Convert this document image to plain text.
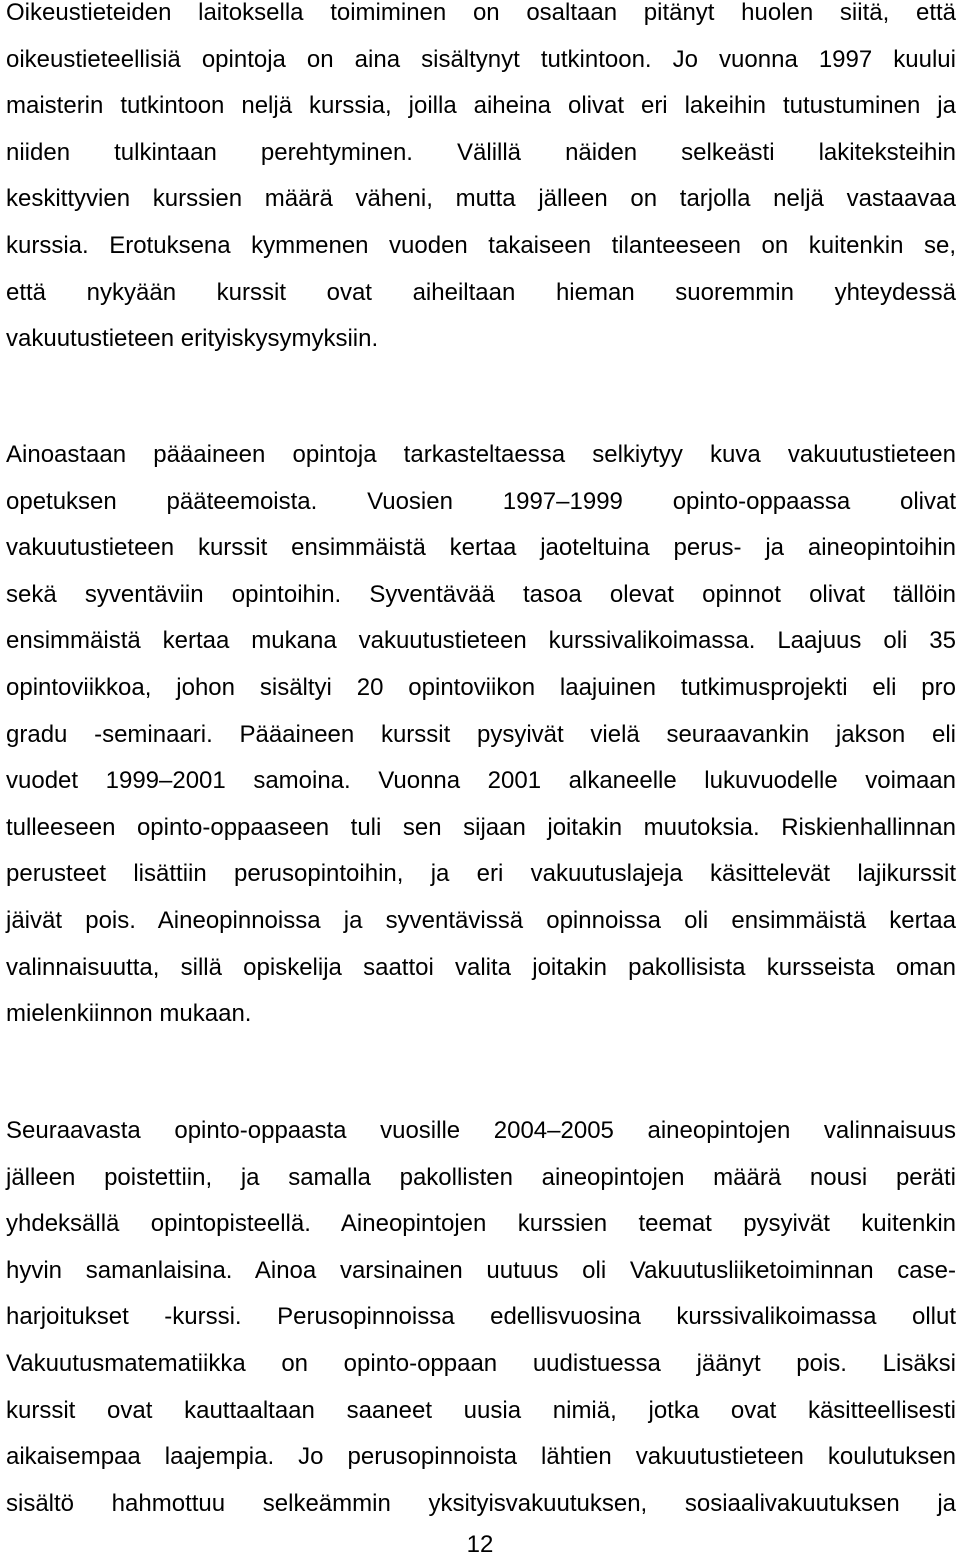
Oikeustieteiden laitoksella toimiminen on osaltaan pitänyt huolen siitä, että
oikeustieteellisiä opintoja on aina sisältynyt tutkintoon. Jo vuonna 1997 kuului
maisterin tutkintoon neljä kurssia, joilla aiheina olivat eri lakeihin tutustuminen ja
niiden tulkintaan perehtyminen. Välillä näiden selkeästi lakiteksteihin
keskittyvien kurssien määrä väheni, mutta jälleen on tarjolla neljä vastaavaa
kurssia. Erotuksena kymmenen vuoden takaiseen tilanteeseen on kuitenkin se,
että nykyään kurssit ovat aiheiltaan hieman suoremmin yhteydessä
vakuutustieteen erityiskysymyksiin.

Ainoastaan pääaineen opintoja tarkasteltaessa selkiytyy kuva vakuutustieteen
opetuksen pääteemoista. Vuosien 1997–1999 opinto-oppaassa olivat
vakuutustieteen kurssit ensimmäistä kertaa jaoteltuina perus- ja aineopintoihin
sekä syventäviin opintoihin. Syventävää tasoa olevat opinnot olivat tällöin
ensimmäistä kertaa mukana vakuutustieteen kurssivalikoimassa. Laajuus oli 35
opintoviikkoa, johon sisältyi 20 opintoviikon laajuinen tutkimusprojekti eli pro
gradu -seminaari. Pääaineen kurssit pysyivät vielä seuraavankin jakson eli
vuodet 1999–2001 samoina. Vuonna 2001 alkaneelle lukuvuodelle voimaan
tulleeseen opinto-oppaaseen tuli sen sijaan joitakin muutoksia. Riskienhallinnan
perusteet lisättiin perusopintoihin, ja eri vakuutuslajeja käsittelevät lajikurssit
jäivät pois. Aineopinnoissa ja syventävissä opinnoissa oli ensimmäistä kertaa
valinnaisuutta, sillä opiskelija saattoi valita joitakin pakollisista kursseista oman
mielenkiinnon mukaan.

Seuraavasta opinto-oppaasta vuosille 2004–2005 aineopintojen valinnaisuus
jälleen poistettiin, ja samalla pakollisten aineopintojen määrä nousi peräti
yhdeksällä opintopisteellä. Aineopintojen kurssien teemat pysyivät kuitenkin
hyvin samanlaisina. Ainoa varsinainen uutuus oli Vakuutusliiketoiminnan case-
harjoitukset -kurssi. Perusopinnoissa edellisvuosina kurssivalikoimassa ollut
Vakuutusmatematiikka on opinto-oppaan uudistuessa jäänyt pois. Lisäksi
kurssit ovat kauttaaltaan saaneet uusia nimiä, jotka ovat käsitteellisesti
aikaisempaa laajempia. Jo perusopinnoista lähtien vakuutustieteen koulutuksen
sisältö hahmottuu selkeämmin yksityisvakuutuksen, sosiaalivakuutuksen ja

12
